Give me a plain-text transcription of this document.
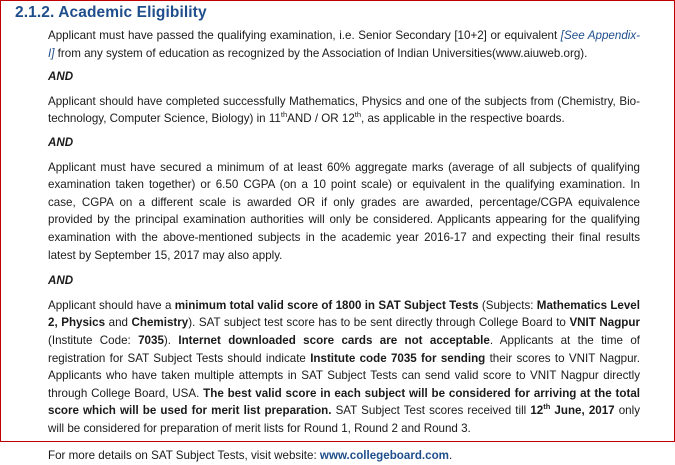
2.1.2. Academic Eligibility

Applicant must have passed the qualifying examination, i.e. Senior Secondary [10+2] or equivalent [See Appendix-I] from any system of education as recognized by the Association of Indian Universities(www.aiuweb.org).

AND

Applicant should have completed successfully Mathematics, Physics and one of the subjects from (Chemistry, Bio-technology, Computer Science, Biology) in 11thAND / OR 12th, as applicable in the respective boards.

AND

Applicant must have secured a minimum of at least 60% aggregate marks (average of all subjects of qualifying examination taken together) or 6.50 CGPA (on a 10 point scale) or equivalent in the qualifying examination. In case, CGPA on a different scale is awarded OR if only grades are awarded, percentage/CGPA equivalence provided by the principal examination authorities will only be considered. Applicants appearing for the qualifying examination with the above-mentioned subjects in the academic year 2016-17 and expecting their final results latest by September 15, 2017 may also apply.

AND

Applicant should have a minimum total valid score of 1800 in SAT Subject Tests (Subjects: Mathematics Level 2, Physics and Chemistry). SAT subject test score has to be sent directly through College Board to VNIT Nagpur (Institute Code: 7035). Internet downloaded score cards are not acceptable. Applicants at the time of registration for SAT Subject Tests should indicate Institute code 7035 for sending their scores to VNIT Nagpur. Applicants who have taken multiple attempts in SAT Subject Tests can send valid score to VNIT Nagpur directly through College Board, USA. The best valid score in each subject will be considered for arriving at the total score which will be used for merit list preparation. SAT Subject Test scores received till 12th June, 2017 only will be considered for preparation of merit lists for Round 1, Round 2 and Round 3.

For more details on SAT Subject Tests, visit website: www.collegeboard.com.
